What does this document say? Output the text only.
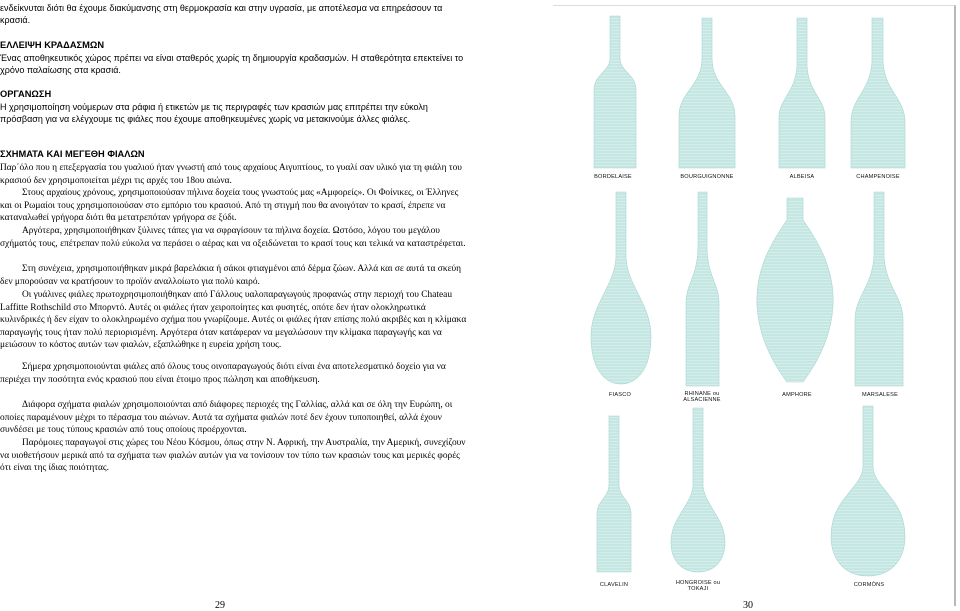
ενδείκνυται διότι θα έχουμε διακύμανσης στη θερμοκρασία και στην υγρασία, με αποτέλεσμα να επηρεάσουν τα κρασιά.

ΕΛΛΕΙΨΗ ΚΡΑΔΑΣΜΩΝ

Ένας αποθηκευτικός χώρος πρέπει να είναι σταθερός χωρίς τη δημιουργία κραδασμών. Η σταθερότητα επεκτείνει το χρόνο παλαίωσης στα κρασιά.

ΟΡΓΑΝΩΣΗ

Η χρησιμοποίηση νούμερων στα ράφια ή ετικετών με τις περιγραφές των κρασιών μας επιτρέπει την εύκολη πρόσβαση για να ελέγχουμε τις φιάλες που έχουμε αποθηκευμένες χωρίς να μετακινούμε άλλες φιάλες.

ΣΧΗΜΑΤΑ ΚΑΙ ΜΕΓΕΘΗ ΦΙΑΛΩΝ

Παρ΄όλο που η επεξεργασία του γυαλιού ήταν γνωστή από τους αρχαίους Αιγυπτίους, το γυαλί σαν υλικό για τη φιάλη του κρασιού δεν χρησιμοποιείται μέχρι τις αρχές του 18ου αιώνα.

Στους αρχαίους χρόνους, χρησιμοποιούσαν πήλινα δοχεία τους γνωστούς μας «Αμφορείς». Οι Φοίνικες, οι Έλληνες και οι Ρωμαίοι τους χρησιμοποιούσαν στο εμπόριο του κρασιού. Από τη στιγμή που θα ανοιγόταν το κρασί, έπρεπε να καταναλωθεί γρήγορα διότι θα μετατρεπόταν γρήγορα σε ξύδι.

Αργότερα, χρησιμοποιήθηκαν ξύλινες τάπες για να σφραγίσουν τα πήλινα δοχεία. Ωστόσο, λόγου του μεγάλου σχήματός τους, επέτρεπαν πολύ εύκολα να περάσει ο αέρας και να οξειδώνεται το κρασί τους και τελικά να καταστρέφεται.

Στη συνέχεια, χρησιμοποιήθηκαν μικρά βαρελάκια ή σάκοι φτιαγμένοι από δέρμα ζώων. Αλλά και σε αυτά τα σκεύη δεν μπορούσαν να κρατήσουν το προϊόν αναλλοίωτο για πολύ καιρό.

Οι γυάλινες φιάλες πρωτοχρησιμοποιήθηκαν από Γάλλους υαλοπαραγωγούς προφανώς στην περιοχή του Chateau Laffitte Rothschild στο Μπορντό. Αυτές οι φιάλες ήταν χειροποίητες και φυσητές, οπότε δεν ήταν ολοκληρωτικά κυλινδρικές ή δεν είχαν το ολοκληρωμένο σχήμα που γνωρίζουμε. Αυτές οι φιάλες ήταν επίσης πολύ ακριβές και η κλίμακα παραγωγής τους ήταν πολύ περιορισμένη. Αργότερα όταν κατάφεραν να μεγαλώσουν την κλίμακα παραγωγής και να μειώσουν το κόστος αυτών των φιαλών, εξαπλώθηκε η ευρεία χρήση τους.

Σήμερα χρησιμοποιούνται φιάλες από όλους τους οινοπαραγωγούς διότι είναι ένα αποτελεσματικό δοχείο για να περιέχει την ποσότητα ενός κρασιού που είναι έτοιμο προς πώληση και αποθήκευση.

Διάφορα σχήματα φιαλών χρησιμοποιούνται από διάφορες περιοχές της Γαλλίας, αλλά και σε όλη την Ευρώπη, οι οποίες παραμένουν μέχρι το πέρασμα του αιώνων. Αυτά τα σχήματα φιαλών ποτέ δεν έχουν τυποποιηθεί, αλλά έχουν συνδέσει με τους τύπους κρασιών από τους οποίους προέρχονται.

Παρόμοιες παραγωγοί στις χώρες του Νέου Κόσμου, όπως στην Ν. Αφρική, την Αυστραλία, την Αμερική, συνεχίζουν να υιοθετήσουν μερικά από τα σχήματα των φιαλών αυτών για να τονίσουν τον τύπο των κρασιών τους και μερικές φορές ότι είναι της ίδιας ποιότητας.

29
BORDELAISE	BOURGUIGNONNE	ALBEISA	CHAMPENOISE
FIASCO	RHINANE ou ALSACIENNE
AMPHORE	MARSALESE
CLAVELIN	HONGROISE ou TOKAJI
CORMÒNS
30
